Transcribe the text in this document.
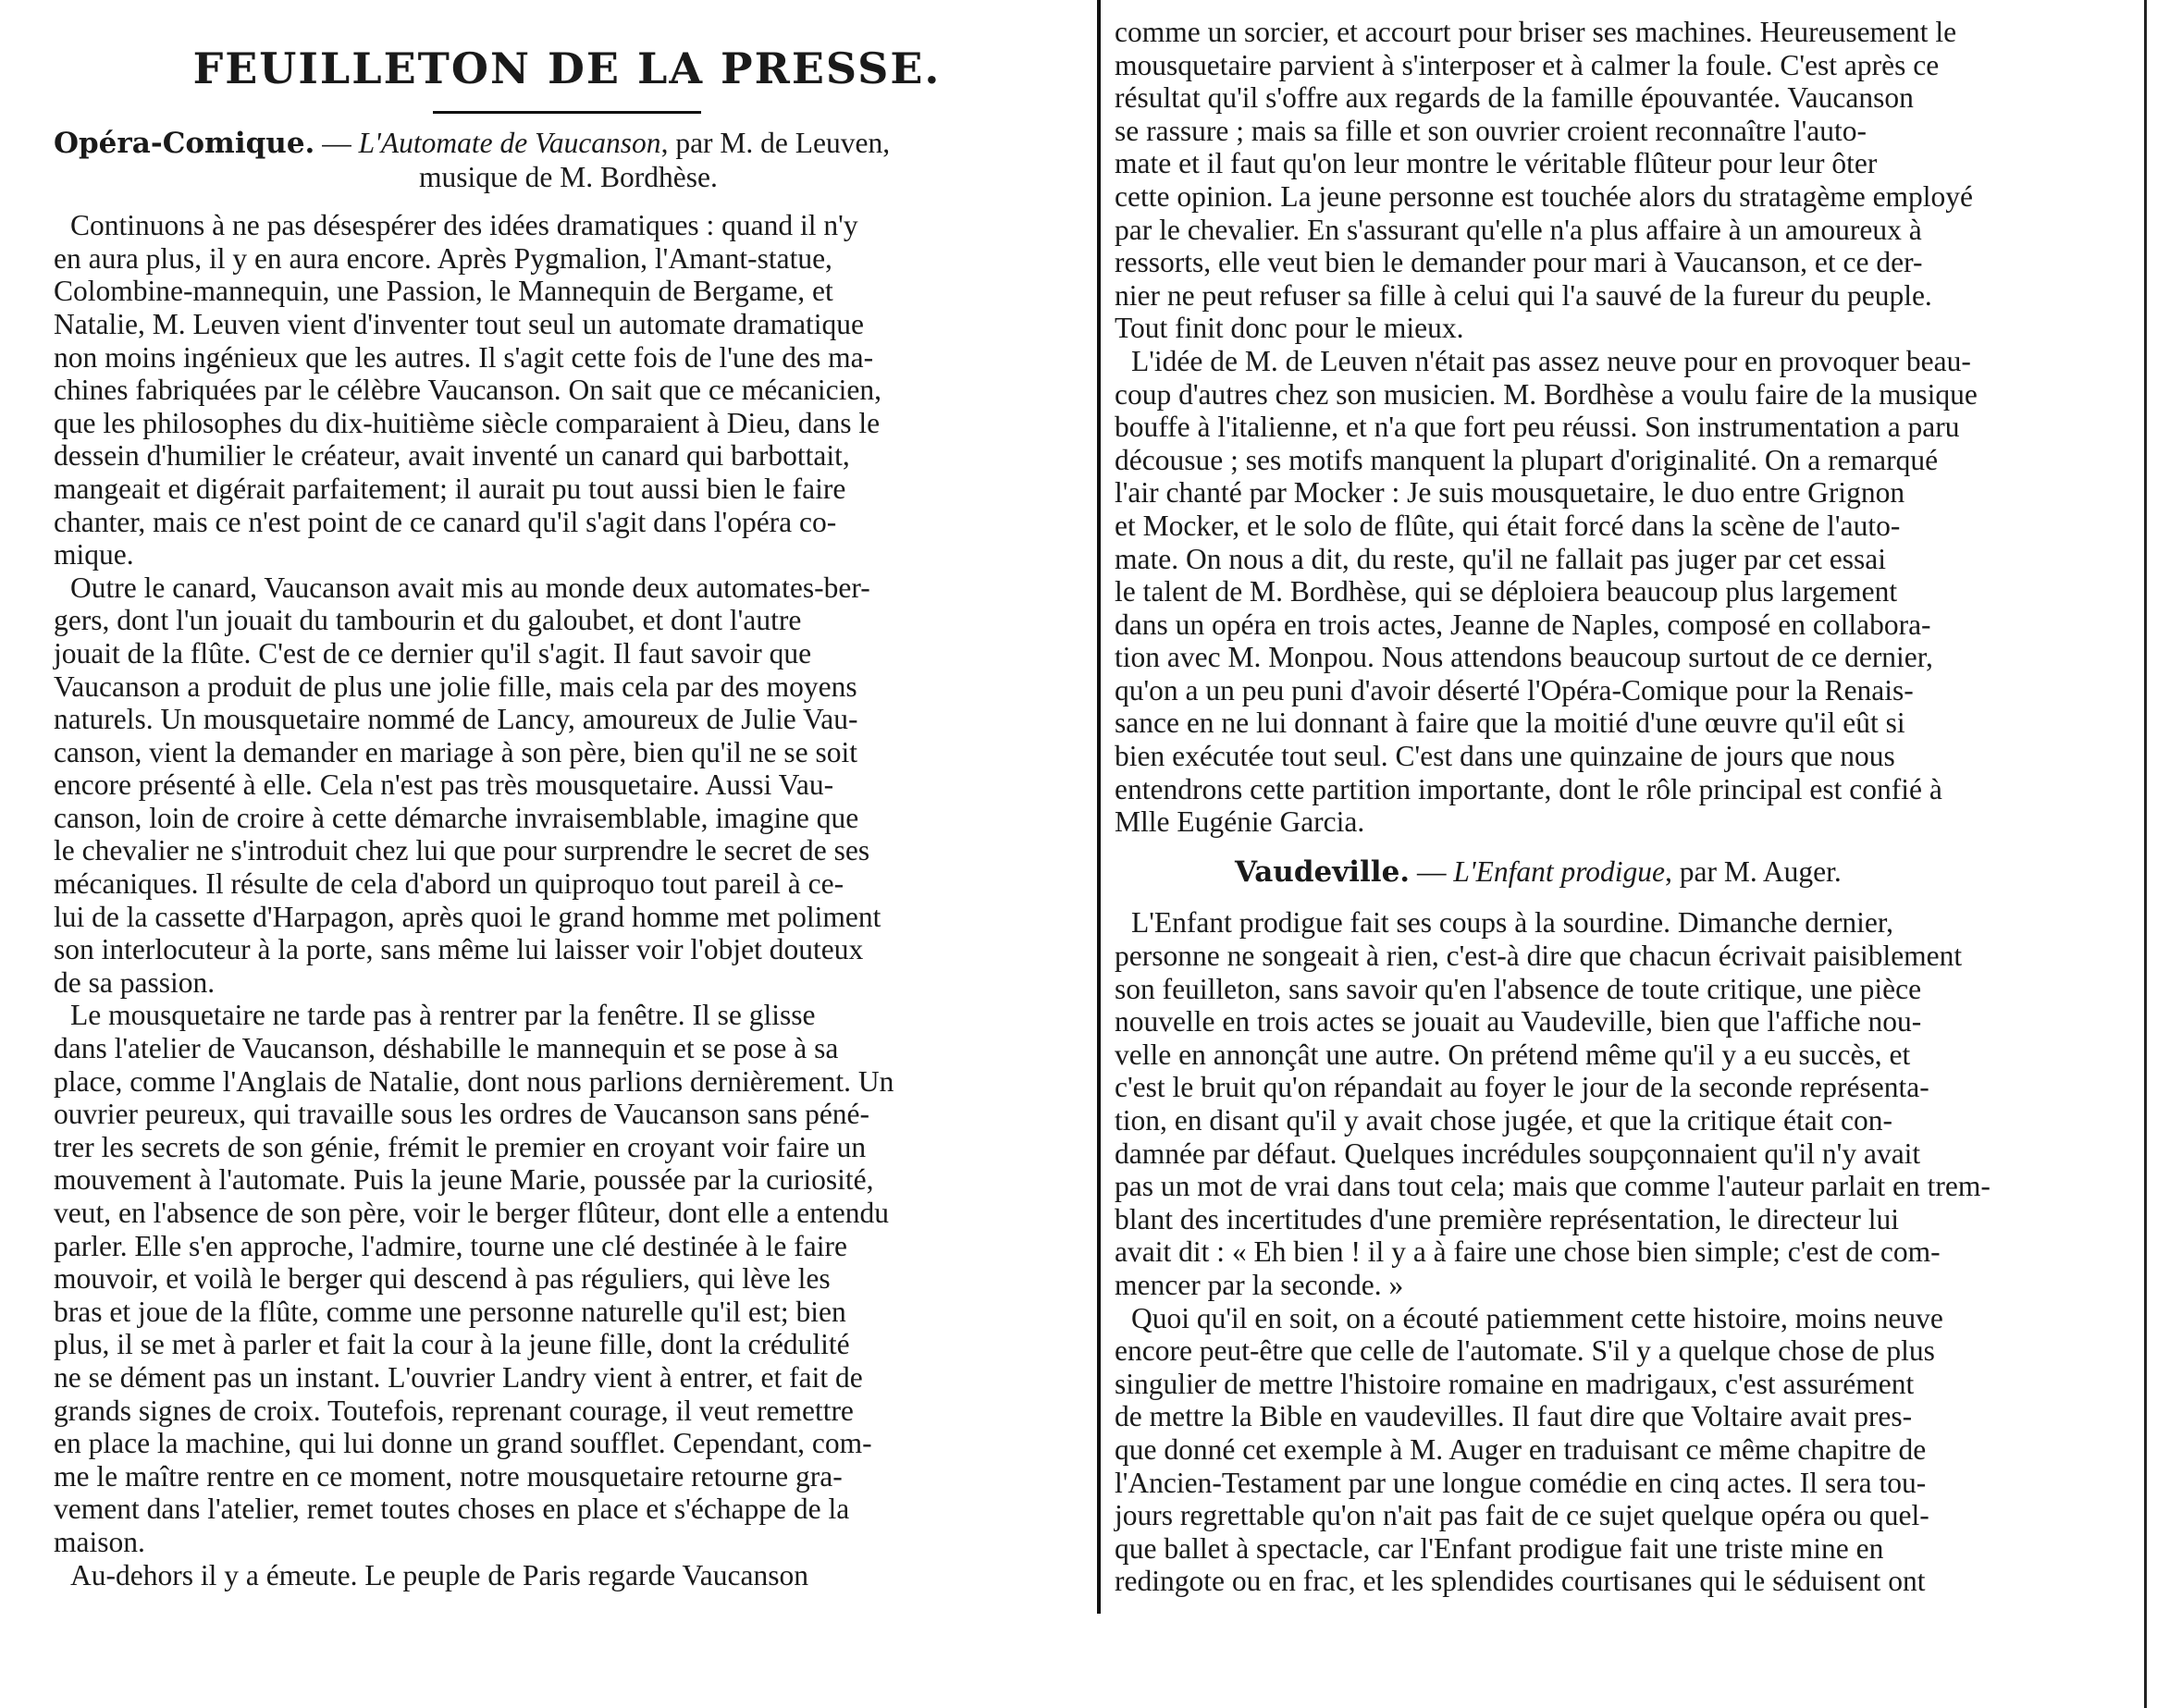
FEUILLETON DE LA PRESSE.
Opéra-Comique. — L'Automate de Vaucanson, par M. de Leuven,
musique de M. Bordhèse.
Continuons à ne pas désespérer des idées dramatiques : quand il n'y
en aura plus, il y en aura encore. Après Pygmalion, l'Amant-statue,
Colombine-mannequin, une Passion, le Mannequin de Bergame, et
Natalie, M. Leuven vient d'inventer tout seul un automate dramatique
non moins ingénieux que les autres. Il s'agit cette fois de l'une des ma-
chines fabriquées par le célèbre Vaucanson. On sait que ce mécanicien,
que les philosophes du dix-huitième siècle comparaient à Dieu, dans le
dessein d'humilier le créateur, avait inventé un canard qui barbottait,
mangeait et digérait parfaitement; il aurait pu tout aussi bien le faire
chanter, mais ce n'est point de ce canard qu'il s'agit dans l'opéra co-
mique.
Outre le canard, Vaucanson avait mis au monde deux automates-ber-
gers, dont l'un jouait du tambourin et du galoubet, et dont l'autre
jouait de la flûte. C'est de ce dernier qu'il s'agit. Il faut savoir que
Vaucanson a produit de plus une jolie fille, mais cela par des moyens
naturels. Un mousquetaire nommé de Lancy, amoureux de Julie Vau-
canson, vient la demander en mariage à son père, bien qu'il ne se soit
encore présenté à elle. Cela n'est pas très mousquetaire. Aussi Vau-
canson, loin de croire à cette démarche invraisemblable, imagine que
le chevalier ne s'introduit chez lui que pour surprendre le secret de ses
mécaniques. Il résulte de cela d'abord un quiproquo tout pareil à ce-
lui de la cassette d'Harpagon, après quoi le grand homme met poliment
son interlocuteur à la porte, sans même lui laisser voir l'objet douteux
de sa passion.
Le mousquetaire ne tarde pas à rentrer par la fenêtre. Il se glisse
dans l'atelier de Vaucanson, déshabille le mannequin et se pose à sa
place, comme l'Anglais de Natalie, dont nous parlions dernièrement. Un
ouvrier peureux, qui travaille sous les ordres de Vaucanson sans péné-
trer les secrets de son génie, frémit le premier en croyant voir faire un
mouvement à l'automate. Puis la jeune Marie, poussée par la curiosité,
veut, en l'absence de son père, voir le berger flûteur, dont elle a entendu
parler. Elle s'en approche, l'admire, tourne une clé destinée à le faire
mouvoir, et voilà le berger qui descend à pas réguliers, qui lève les
bras et joue de la flûte, comme une personne naturelle qu'il est; bien
plus, il se met à parler et fait la cour à la jeune fille, dont la crédulité
ne se dément pas un instant. L'ouvrier Landry vient à entrer, et fait de
grands signes de croix. Toutefois, reprenant courage, il veut remettre
en place la machine, qui lui donne un grand soufflet. Cependant, com-
me le maître rentre en ce moment, notre mousquetaire retourne gra-
vement dans l'atelier, remet toutes choses en place et s'échappe de la
maison.
Au-dehors il y a émeute. Le peuple de Paris regarde Vaucanson
comme un sorcier, et accourt pour briser ses machines. Heureusement le
mousquetaire parvient à s'interposer et à calmer la foule. C'est après ce
résultat qu'il s'offre aux regards de la famille épouvantée. Vaucanson
se rassure ; mais sa fille et son ouvrier croient reconnaître l'auto-
mate et il faut qu'on leur montre le véritable flûteur pour leur ôter
cette opinion. La jeune personne est touchée alors du stratagème employé
par le chevalier. En s'assurant qu'elle n'a plus affaire à un amoureux à
ressorts, elle veut bien le demander pour mari à Vaucanson, et ce der-
nier ne peut refuser sa fille à celui qui l'a sauvé de la fureur du peuple.
Tout finit donc pour le mieux.
L'idée de M. de Leuven n'était pas assez neuve pour en provoquer beau-
coup d'autres chez son musicien. M. Bordhèse a voulu faire de la musique
bouffe à l'italienne, et n'a que fort peu réussi. Son instrumentation a paru
décousue ; ses motifs manquent la plupart d'originalité. On a remarqué
l'air chanté par Mocker : Je suis mousquetaire, le duo entre Grignon
et Mocker, et le solo de flûte, qui était forcé dans la scène de l'auto-
mate. On nous a dit, du reste, qu'il ne fallait pas juger par cet essai
le talent de M. Bordhèse, qui se déploiera beaucoup plus largement
dans un opéra en trois actes, Jeanne de Naples, composé en collabora-
tion avec M. Monpou. Nous attendons beaucoup surtout de ce dernier,
qu'on a un peu puni d'avoir déserté l'Opéra-Comique pour la Renais-
sance en ne lui donnant à faire que la moitié d'une œuvre qu'il eût si
bien exécutée tout seul. C'est dans une quinzaine de jours que nous
entendrons cette partition importante, dont le rôle principal est confié à
Mlle Eugénie Garcia.
Vaudeville. — L'Enfant prodigue, par M. Auger.
L'Enfant prodigue fait ses coups à la sourdine. Dimanche dernier,
personne ne songeait à rien, c'est-à dire que chacun écrivait paisiblement
son feuilleton, sans savoir qu'en l'absence de toute critique, une pièce
nouvelle en trois actes se jouait au Vaudeville, bien que l'affiche nou-
velle en annonçât une autre. On prétend même qu'il y a eu succès, et
c'est le bruit qu'on répandait au foyer le jour de la seconde représenta-
tion, en disant qu'il y avait chose jugée, et que la critique était con-
damnée par défaut. Quelques incrédules soupçonnaient qu'il n'y avait
pas un mot de vrai dans tout cela; mais que comme l'auteur parlait en trem-
blant des incertitudes d'une première représentation, le directeur lui
avait dit : « Eh bien ! il y a à faire une chose bien simple; c'est de com-
mencer par la seconde. »
Quoi qu'il en soit, on a écouté patiemment cette histoire, moins neuve
encore peut-être que celle de l'automate. S'il y a quelque chose de plus
singulier de mettre l'histoire romaine en madrigaux, c'est assurément
de mettre la Bible en vaudevilles. Il faut dire que Voltaire avait pres-
que donné cet exemple à M. Auger en traduisant ce même chapitre de
l'Ancien-Testament par une longue comédie en cinq actes. Il sera tou-
jours regrettable qu'on n'ait pas fait de ce sujet quelque opéra ou quel-
que ballet à spectacle, car l'Enfant prodigue fait une triste mine en
redingote ou en frac, et les splendides courtisanes qui le séduisent ont
